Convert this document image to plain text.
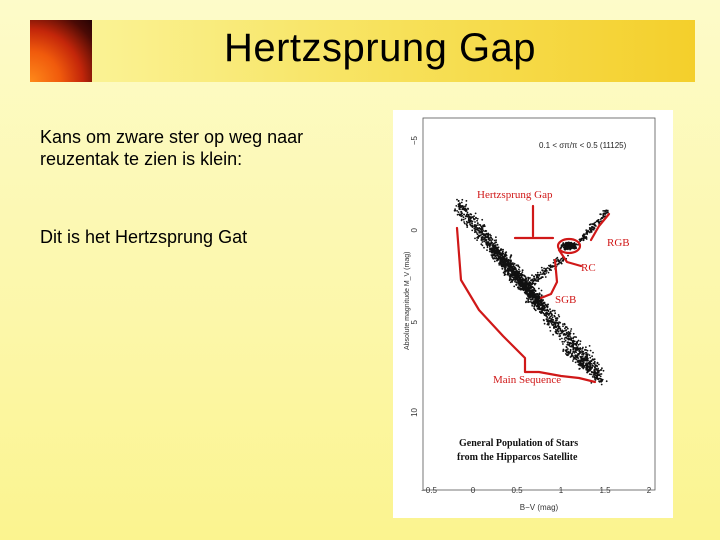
Hertzsprung Gap
Kans om zware ster op weg naar
reuzentak te zien is klein:
Dit is het Hertzsprung Gat
0.1 < σπ/π < 0.5 (11125)
Absolute magnitude M_V (mag)
−5
0
5
10
−0.5	0	0.5	1	1.5	2
B−V (mag)
Hertzsprung Gap
RGB
RC
SGB
Main Sequence
General Population of Stars
from the Hipparcos Satellite
